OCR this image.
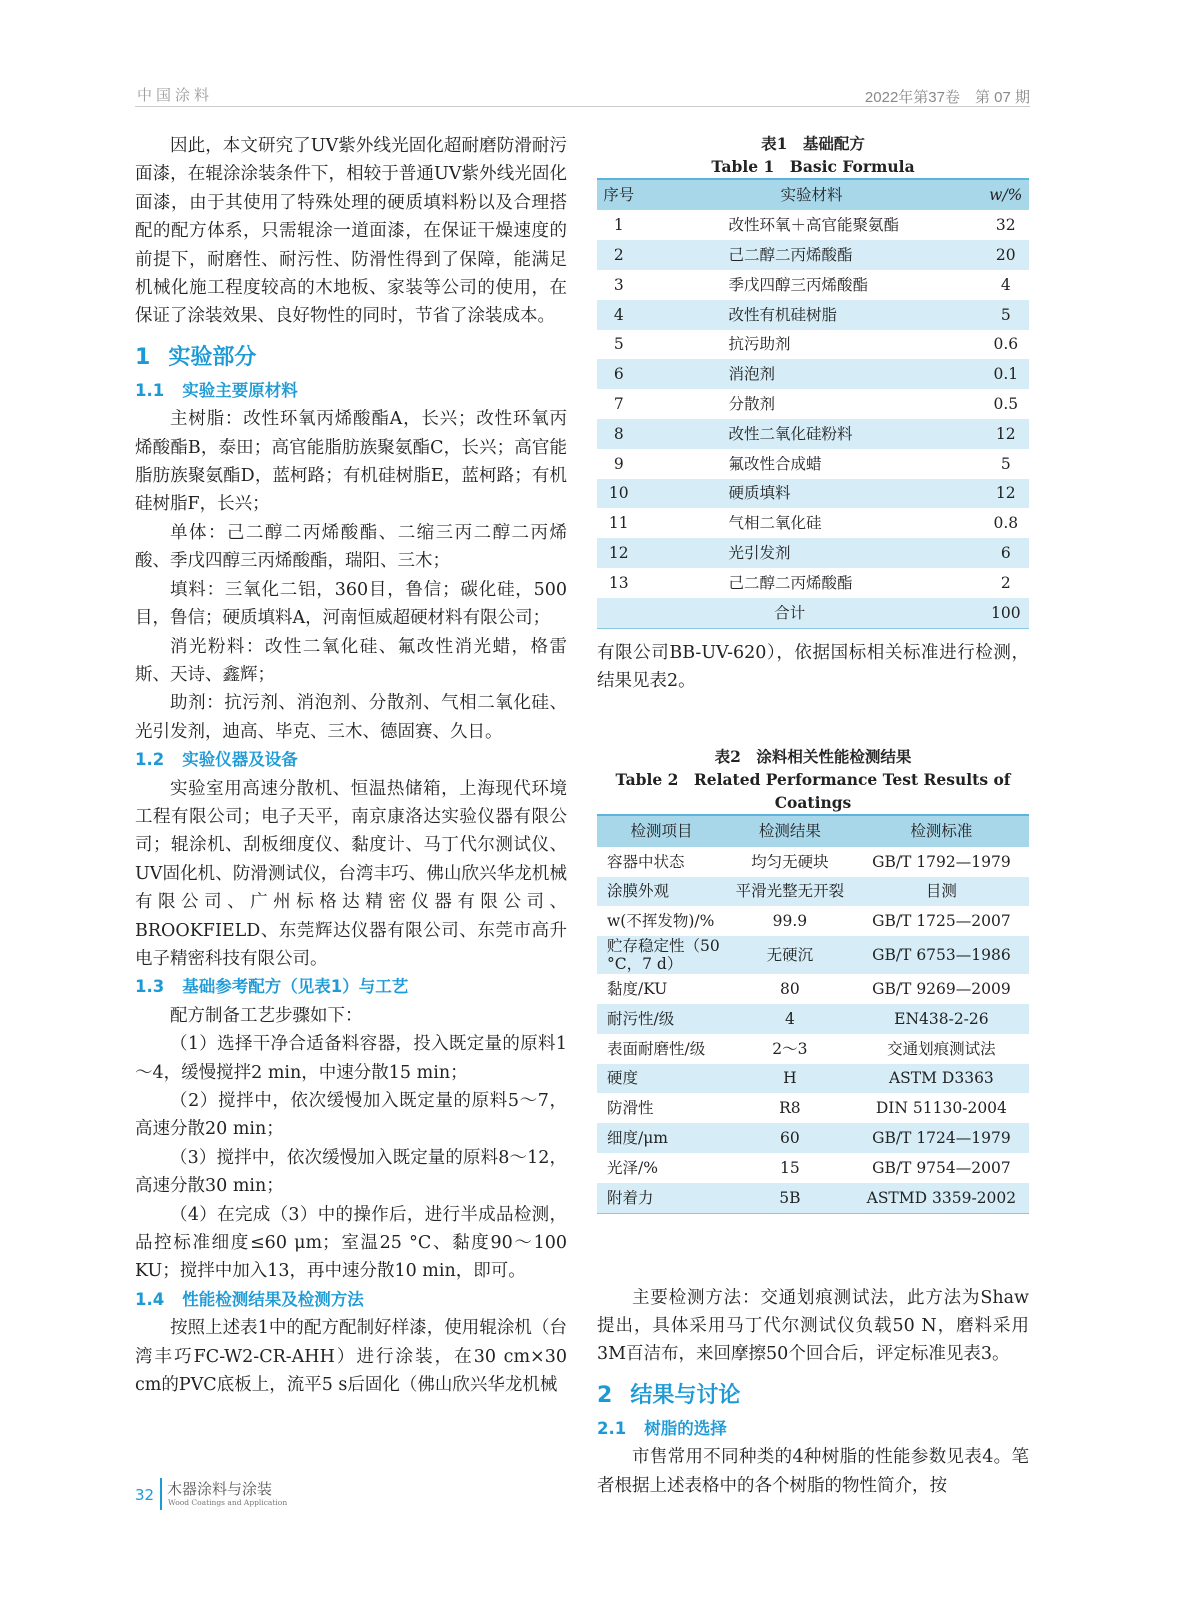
中国涂料	2022年第37卷　第 07 期

因此，本文研究了UV紫外线光固化超耐磨防滑耐污面漆，在辊涂涂装条件下，相较于普通UV紫外线光固化面漆，由于其使用了特殊处理的硬质填料粉以及合理搭配的配方体系，只需辊涂一道面漆，在保证干燥速度的前提下，耐磨性、耐污性、防滑性得到了保障，能满足机械化施工程度较高的木地板、家装等公司的使用，在保证了涂装效果、良好物性的同时，节省了涂装成本。

1 实验部分
1.1 实验主要原材料

主树脂：改性环氧丙烯酸酯A，长兴；改性环氧丙烯酸酯B，泰田；高官能脂肪族聚氨酯C，长兴；高官能脂肪族聚氨酯D，蓝柯路；有机硅树脂E，蓝柯路；有机硅树脂F，长兴；

单体：己二醇二丙烯酸酯、二缩三丙二醇二丙烯酸、季戊四醇三丙烯酸酯，瑞阳、三木；

填料：三氧化二铝，360目，鲁信；碳化硅，500目，鲁信；硬质填料A，河南恒威超硬材料有限公司；

消光粉料：改性二氧化硅、氟改性消光蜡，格雷斯、天诗、鑫辉；

助剂：抗污剂、消泡剂、分散剂、气相二氧化硅、光引发剂，迪高、毕克、三木、德固赛、久日。

1.2 实验仪器及设备

实验室用高速分散机、恒温热储箱，上海现代环境工程有限公司；电子天平，南京康洛达实验仪器有限公司；辊涂机、刮板细度仪、黏度计、马丁代尔测试仪、UV固化机、防滑测试仪，台湾丰巧、佛山欣兴华龙机械有限公司、广州标格达精密仪器有限公司、BROOKFIELD、东莞辉达仪器有限公司、东莞市高升电子精密科技有限公司。

1.3 基础参考配方（见表1）与工艺

配方制备工艺步骤如下：

（1）选择干净合适备料容器，投入既定量的原料1～4，缓慢搅拌2 min，中速分散15 min；

（2）搅拌中，依次缓慢加入既定量的原料5～7，高速分散20 min；

（3）搅拌中，依次缓慢加入既定量的原料8～12，高速分散30 min；

（4）在完成（3）中的操作后，进行半成品检测，品控标准细度≤60 μm；室温25 °C、黏度90～100 KU；搅拌中加入13，再中速分散10 min，即可。

1.4 性能检测结果及检测方法

按照上述表1中的配方配制好样漆，使用辊涂机（台湾丰巧FC-W2-CR-AHH）进行涂装，在30 cm×30 cm的PVC底板上，流平5 s后固化（佛山欣兴华龙机械

表1　基础配方
Table 1　Basic Formula
序号	实验材料	w/%
1	改性环氧＋高官能聚氨酯	32
2	己二醇二丙烯酸酯	20
3	季戊四醇三丙烯酸酯	4
4	改性有机硅树脂	5
5	抗污助剂	0.6
6	消泡剂	0.1
7	分散剂	0.5
8	改性二氧化硅粉料	12
9	氟改性合成蜡	5
10	硬质填料	12
11	气相二氧化硅	0.8
12	光引发剂	6
13	己二醇二丙烯酸酯	2
合计		100

有限公司BB-UV-620），依据国标相关标准进行检测，结果见表2。

表2　涂料相关性能检测结果
Table 2　Related Performance Test Results of Coatings
检测项目	检测结果	检测标准
容器中状态	均匀无硬块	GB/T 1792—1979
涂膜外观	平滑光整无开裂	目测
w(不挥发物)/%	99.9	GB/T 1725—2007
贮存稳定性（50 °C，7 d）	无硬沉	GB/T 6753—1986
黏度/KU	80	GB/T 9269—2009
耐污性/级	4	EN438-2-26
表面耐磨性/级	2～3	交通划痕测试法
硬度	H	ASTM D3363
防滑性	R8	DIN 51130-2004
细度/μm	60	GB/T 1724—1979
光泽/%	15	GB/T 9754—2007
附着力	5B	ASTMD 3359-2002

主要检测方法：交通划痕测试法，此方法为Shaw提出，具体采用马丁代尔测试仪负载50 N，磨料采用3M百洁布，来回摩擦50个回合后，评定标准见表3。

2 结果与讨论
2.1 树脂的选择

市售常用不同种类的4种树脂的性能参数见表4。笔者根据上述表格中的各个树脂的物性简介，按

32 木器涂料与涂装
Wood Coatings and Application
